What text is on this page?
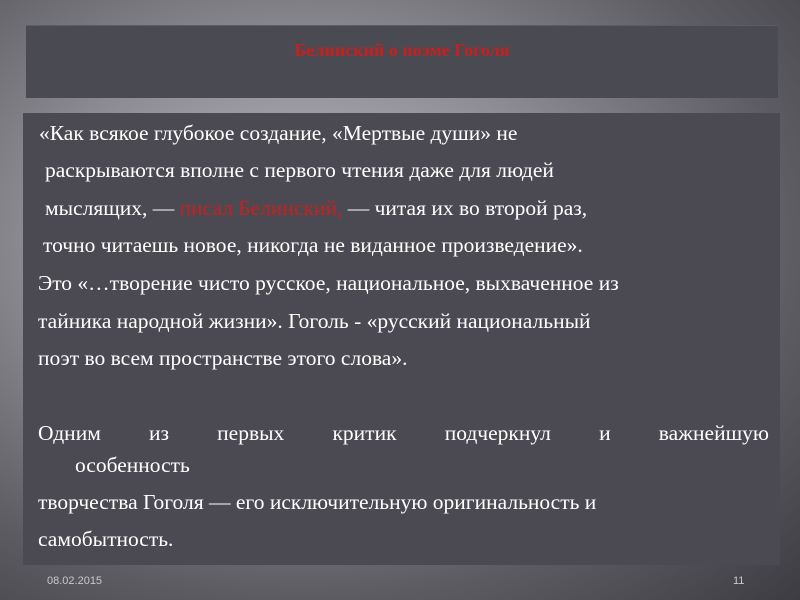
Белинский о поэме Гоголя
«Как всякое глубокое создание, «Мертвые души» не
раскрываются вполне с первого чтения даже для людей
мыслящих, — писал Белинский, — читая их во второй раз,
точно читаешь новое, никогда не виданное произведение».
Это «…творение чисто русское, национальное, выхваченное из
тайника народной жизни». Гоголь - «русский национальный
поэт во всем пространстве этого слова».
Одним из первых критик подчеркнул и важнейшую
особенность
творчества Гоголя — его исключительную оригинальность и
самобытность.
08.02.2015	11
